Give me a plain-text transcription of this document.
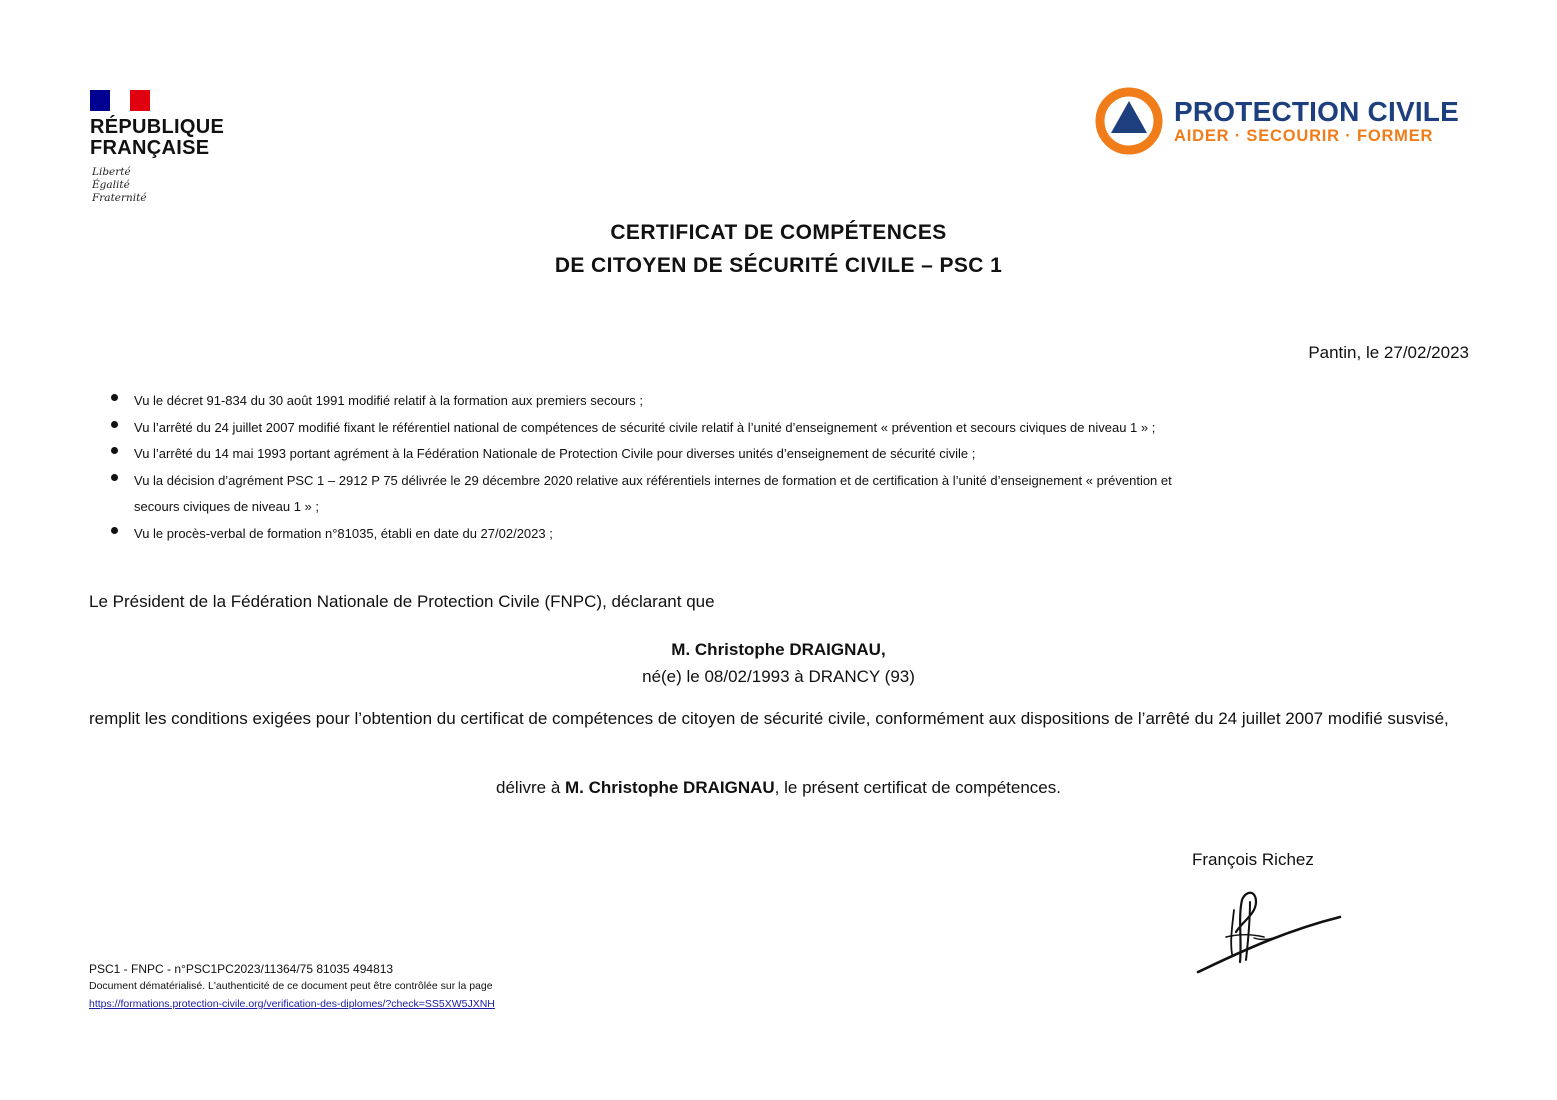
RÉPUBLIQUE
FRANÇAISE
Liberté
Égalité
Fraternité
PROTECTION CIVILE
AIDER · SECOURIR · FORMER
CERTIFICAT DE COMPÉTENCES
DE CITOYEN DE SÉCURITÉ CIVILE – PSC 1
Pantin, le 27/02/2023
Vu le décret 91-834 du 30 août 1991 modifié relatif à la formation aux premiers secours ;
Vu l’arrêté du 24 juillet 2007 modifié fixant le référentiel national de compétences de sécurité civile relatif à l’unité d’enseignement « prévention et secours civiques de niveau 1 » ;
Vu l’arrêté du 14 mai 1993 portant agrément à la Fédération Nationale de Protection Civile pour diverses unités d’enseignement de sécurité civile ;
Vu la décision d’agrément PSC 1 – 2912 P 75 délivrée le 29 décembre 2020 relative aux référentiels internes de formation et de certification à l’unité d’enseignement « prévention et secours civiques de niveau 1 » ;
Vu le procès-verbal de formation n°81035, établi en date du 27/02/2023 ;
Le Président de la Fédération Nationale de Protection Civile (FNPC), déclarant que
M. Christophe DRAIGNAU,
né(e) le 08/02/1993 à DRANCY (93)
remplit les conditions exigées pour l’obtention du certificat de compétences de citoyen de sécurité civile, conformément aux dispositions de l’arrêté du 24 juillet 2007 modifié susvisé,
délivre à M. Christophe DRAIGNAU, le présent certificat de compétences.
François Richez
PSC1 - FNPC - n°PSC1PC2023/11364/75 81035 494813
Document dématérialisé. L'authenticité de ce document peut être contrôlée sur la page
https://formations.protection-civile.org/verification-des-diplomes/?check=SS5XW5JXNH
